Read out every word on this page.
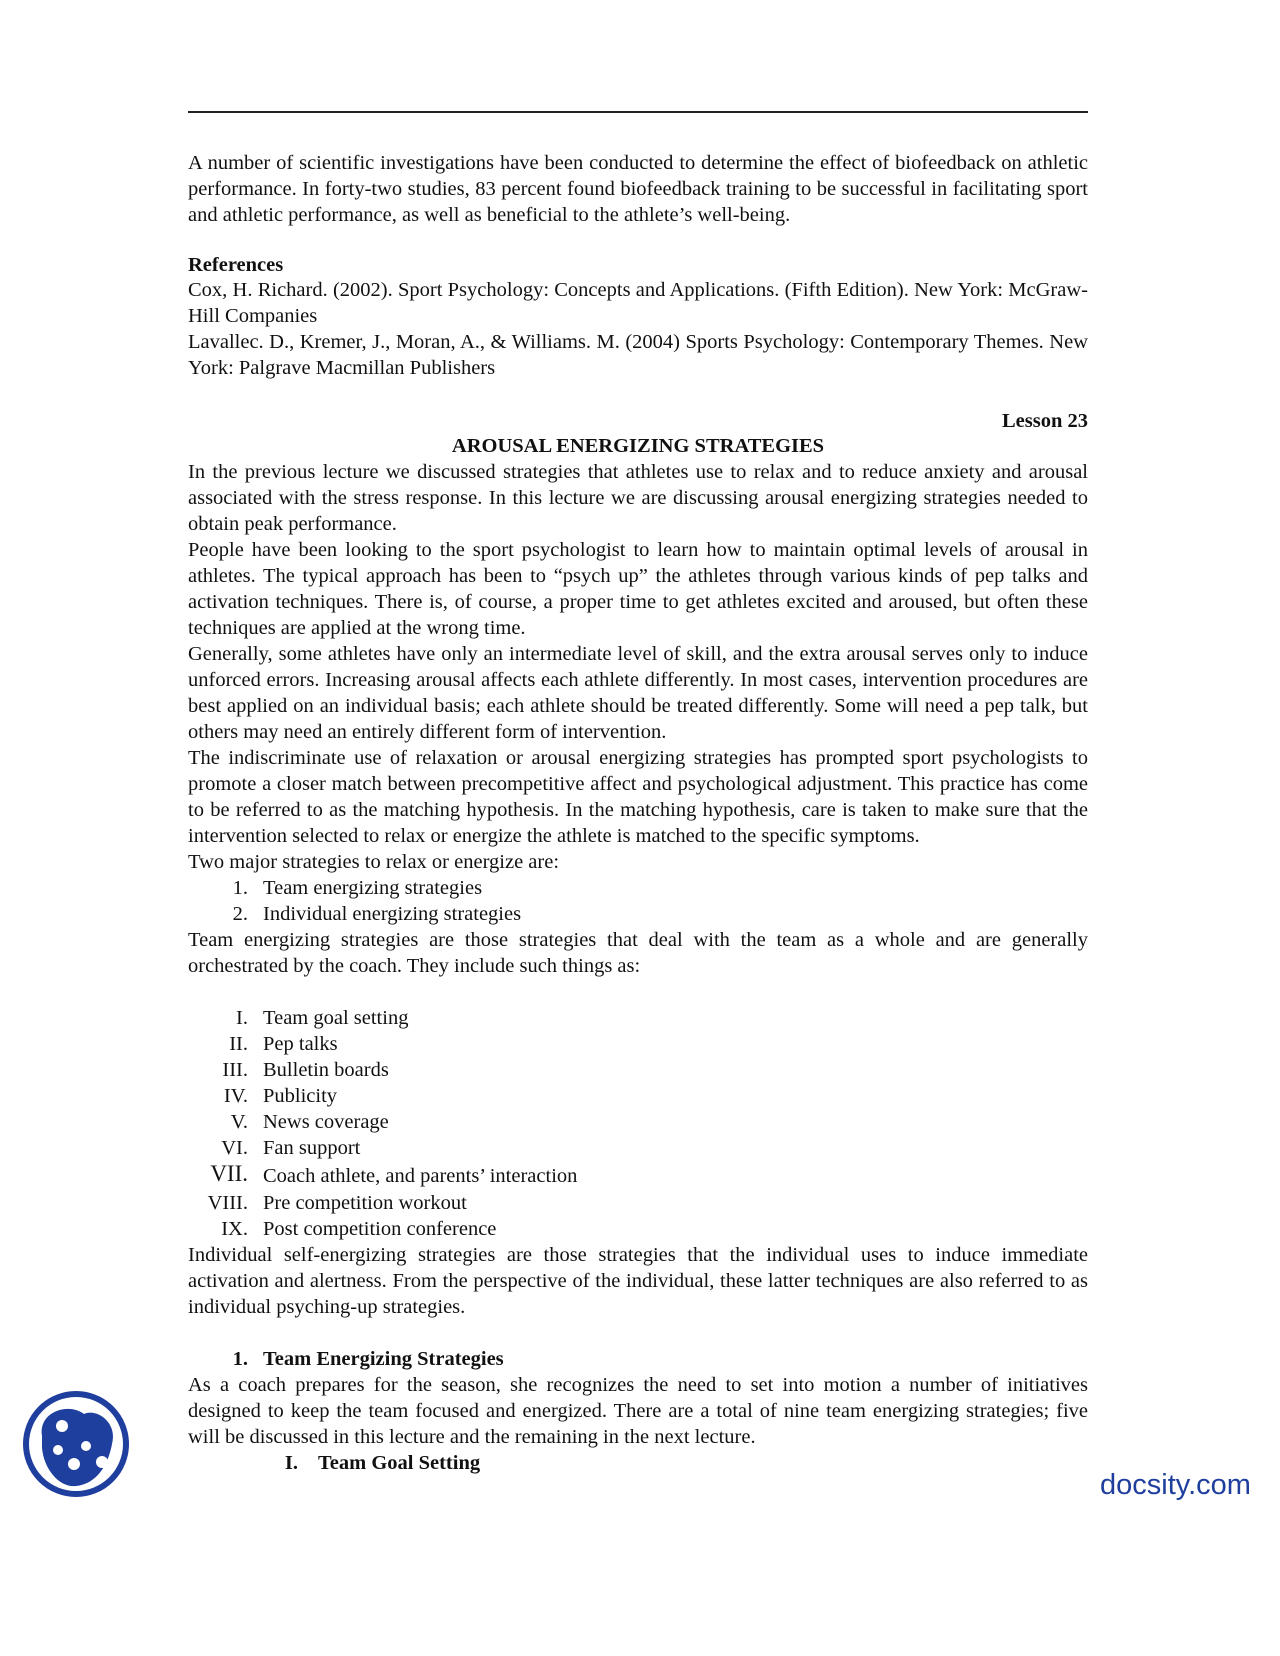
A number of scientific investigations have been conducted to determine the effect of biofeedback on athletic performance. In forty-two studies, 83 percent found biofeedback training to be successful in facilitating sport and athletic performance, as well as beneficial to the athlete’s well-being.

References

Cox, H. Richard. (2002). Sport Psychology: Concepts and Applications. (Fifth Edition). New York: McGraw-Hill Companies

Lavallec. D., Kremer, J., Moran, A., & Williams. M. (2004) Sports Psychology: Contemporary Themes. New York: Palgrave Macmillan Publishers

Lesson 23
AROUSAL ENERGIZING STRATEGIES

In the previous lecture we discussed strategies that athletes use to relax and to reduce anxiety and arousal associated with the stress response. In this lecture we are discussing arousal energizing strategies needed to obtain peak performance.

People have been looking to the sport psychologist to learn how to maintain optimal levels of arousal in athletes. The typical approach has been to “psych up” the athletes through various kinds of pep talks and activation techniques. There is, of course, a proper time to get athletes excited and aroused, but often these techniques are applied at the wrong time.

Generally, some athletes have only an intermediate level of skill, and the extra arousal serves only to induce unforced errors. Increasing arousal affects each athlete differently. In most cases, intervention procedures are best applied on an individual basis; each athlete should be treated differently. Some will need a pep talk, but others may need an entirely different form of intervention.

The indiscriminate use of relaxation or arousal energizing strategies has prompted sport psychologists to promote a closer match between precompetitive affect and psychological adjustment. This practice has come to be referred to as the matching hypothesis. In the matching hypothesis, care is taken to make sure that the intervention selected to relax or energize the athlete is matched to the specific symptoms.

Two major strategies to relax or energize are:

1. Team energizing strategies
2. Individual energizing strategies

Team energizing strategies are those strategies that deal with the team as a whole and are generally orchestrated by the coach. They include such things as:

I. Team goal setting
II. Pep talks
III. Bulletin boards
IV. Publicity
V. News coverage
VI. Fan support
VII. Coach athlete, and parents’ interaction
VIII. Pre competition workout
IX. Post competition conference

Individual self-energizing strategies are those strategies that the individual uses to induce immediate activation and alertness. From the perspective of the individual, these latter techniques are also referred to as individual psyching-up strategies.

1. Team Energizing Strategies

As a coach prepares for the season, she recognizes the need to set into motion a number of initiatives designed to keep the team focused and energized. There are a total of nine team energizing strategies; five will be discussed in this lecture and the remaining in the next lecture.

I. Team Goal Setting
docsity.com
